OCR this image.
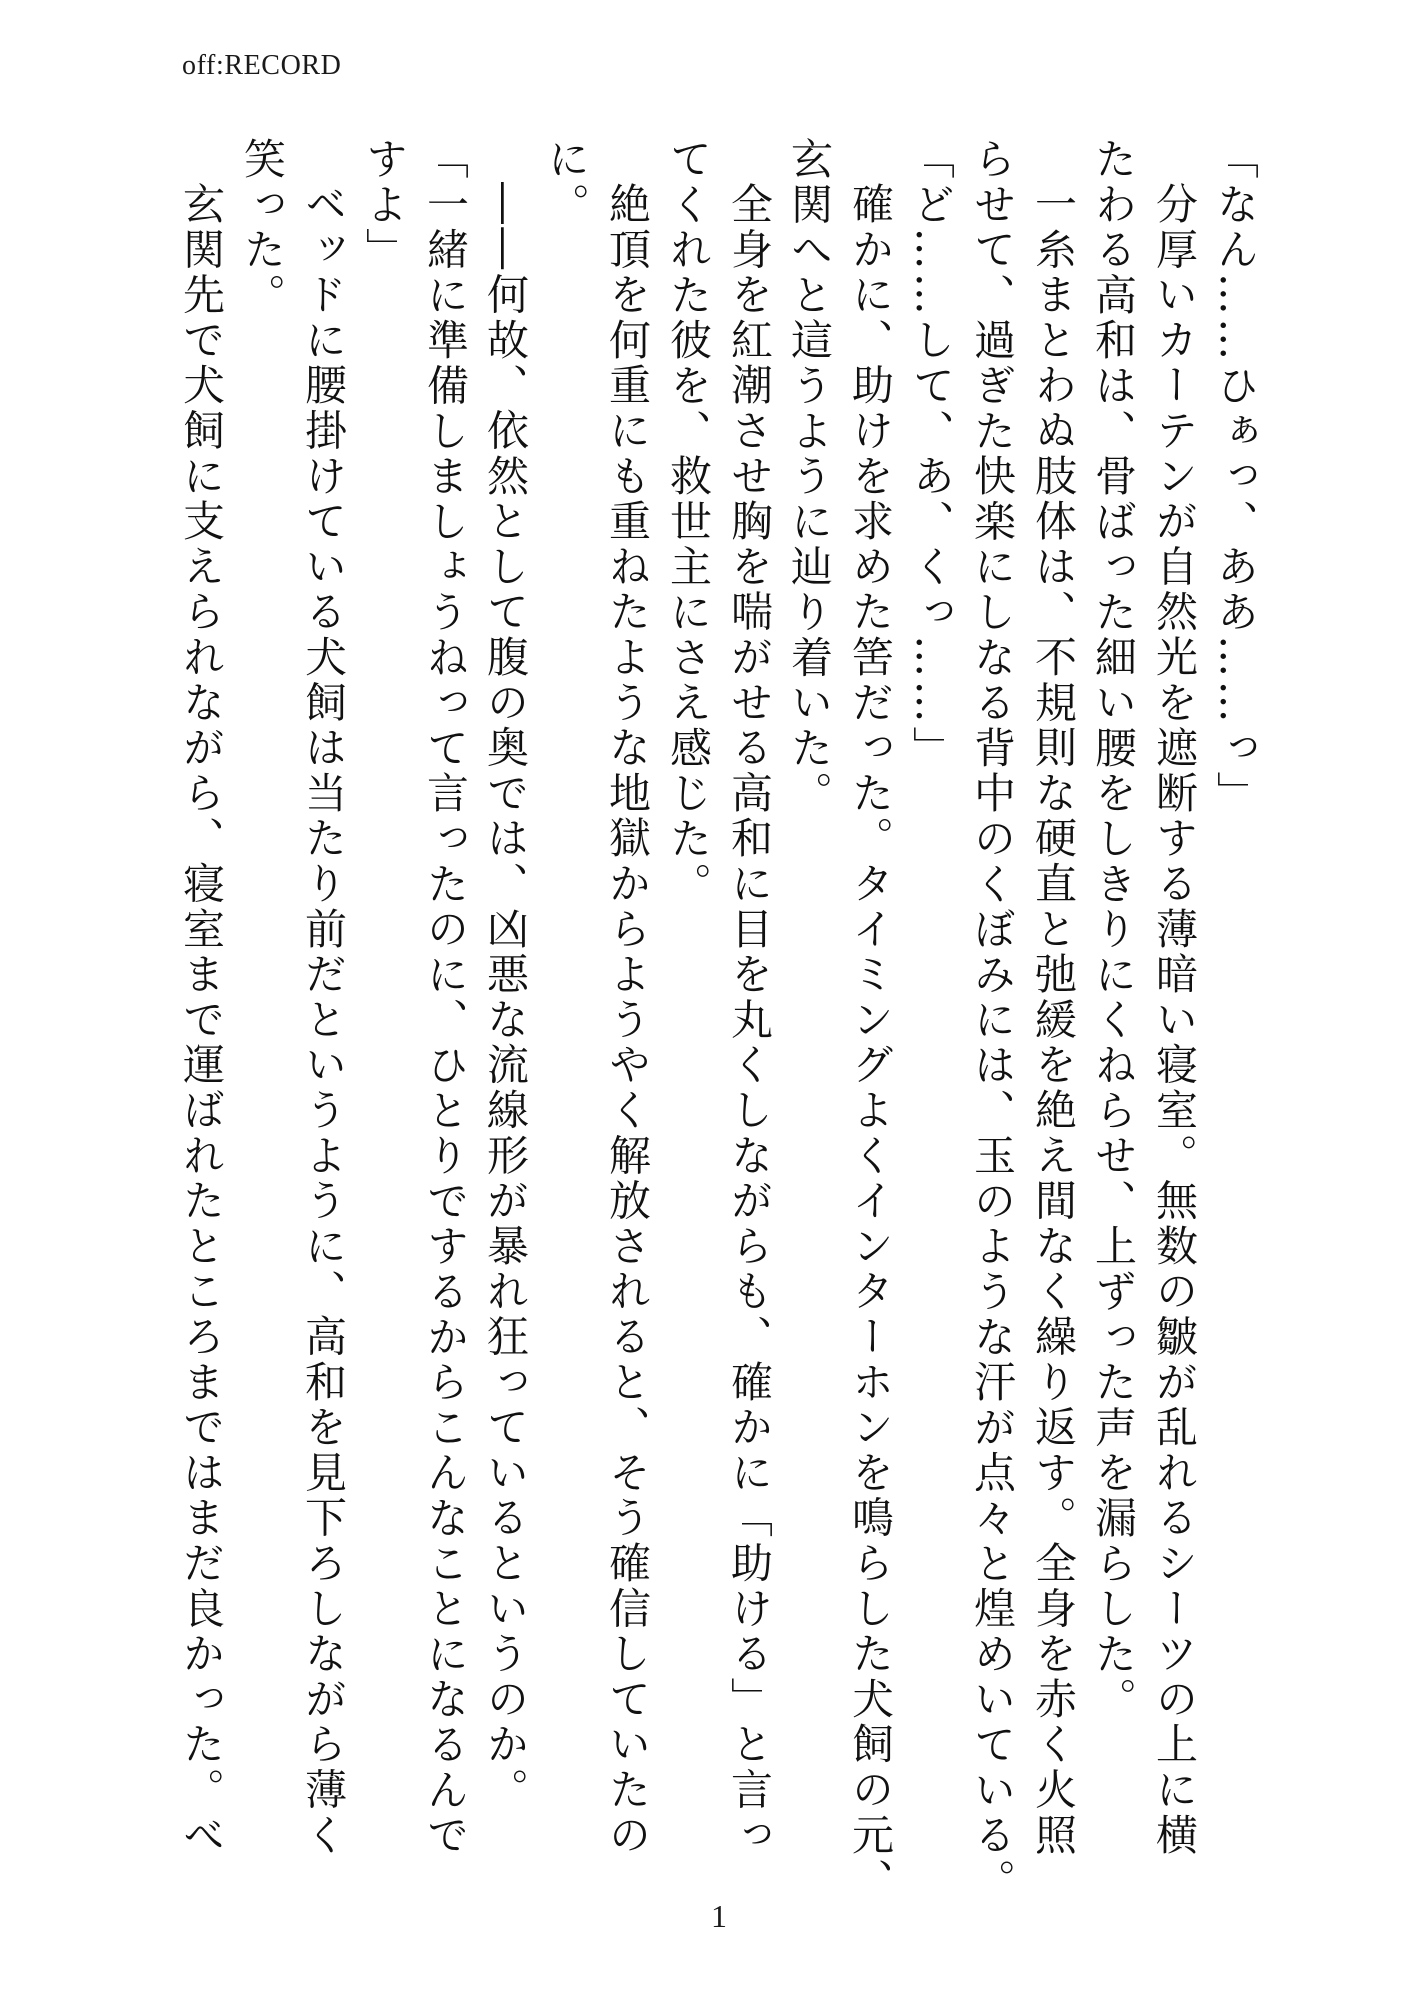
off:RECORD
「なん……ひぁっ、ああ……っ」
分厚いカーテンが自然光を遮断する薄暗い寝室。無数の皺が乱れるシーツの上に横
たわる高和は、骨ばった細い腰をしきりにくねらせ、上ずった声を漏らした。
一糸まとわぬ肢体は、不規則な硬直と弛緩を絶え間なく繰り返す。全身を赤く火照
らせて、過ぎた快楽にしなる背中のくぼみには、玉のような汗が点々と煌めいている。
「ど……して、あ、くっ……」
確かに、助けを求めた筈だった。タイミングよくインターホンを鳴らした犬飼の元、
玄関へと這うように辿り着いた。
全身を紅潮させ胸を喘がせる高和に目を丸くしながらも、確かに「助ける」と言っ
てくれた彼を、救世主にさえ感じた。
絶頂を何重にも重ねたような地獄からようやく解放されると、そう確信していたの
に。
――何故、依然として腹の奥では、凶悪な流線形が暴れ狂っているというのか。
「一緒に準備しましょうねって言ったのに、ひとりでするからこんなことになるんで
すよ」
ベッドに腰掛けている犬飼は当たり前だというように、高和を見下ろしながら薄く
笑った。
玄関先で犬飼に支えられながら、寝室まで運ばれたところまではまだ良かった。べ
1
